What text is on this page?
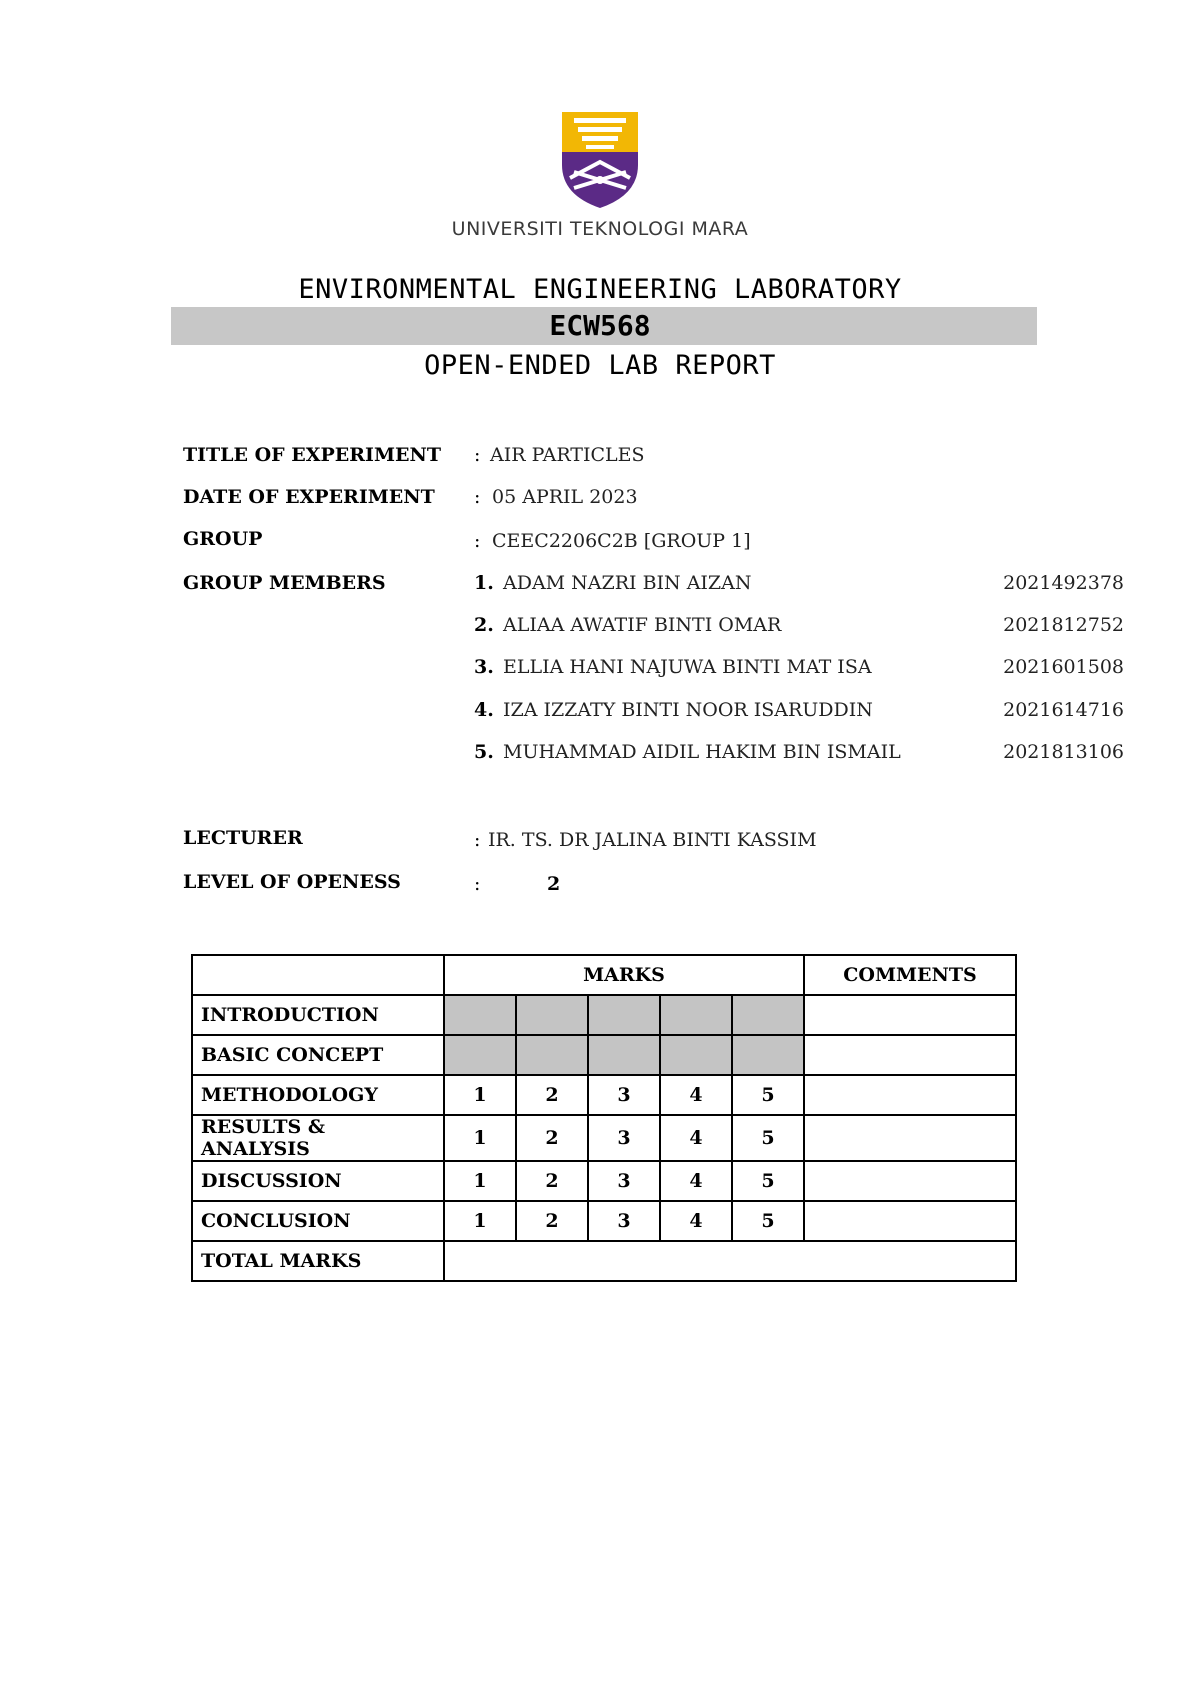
UNIVERSITI TEKNOLOGI MARA
ENVIRONMENTAL ENGINEERING LABORATORY
ECW568
OPEN-ENDED LAB REPORT
TITLE OF EXPERIMENT : AIR PARTICLES
DATE OF EXPERIMENT : 05 APRIL 2023
GROUP	: CEEC2206C2B [GROUP 1]
GROUP MEMBERS	1. ADAM NAZRI BIN AIZAN	2021492378
2. ALIAA AWATIF BINTI OMAR	2021812752
3. ELLIA HANI NAJUWA BINTI MAT ISA	2021601508
4. IZA IZZATY BINTI NOOR ISARUDDIN	2021614716
5. MUHAMMAD AIDIL HAKIM BIN ISMAIL	2021813106
LECTURER	: IR. TS. DR JALINA BINTI KASSIM
LEVEL OF OPENESS	:	2
	MARKS					COMMENTS
INTRODUCTION						
BASIC CONCEPT						
METHODOLOGY	1	2	3	4	5	
RESULTS & ANALYSIS	1	2	3	4	5	
DISCUSSION	1	2	3	4	5	
CONCLUSION	1	2	3	4	5	
TOTAL MARKS						
